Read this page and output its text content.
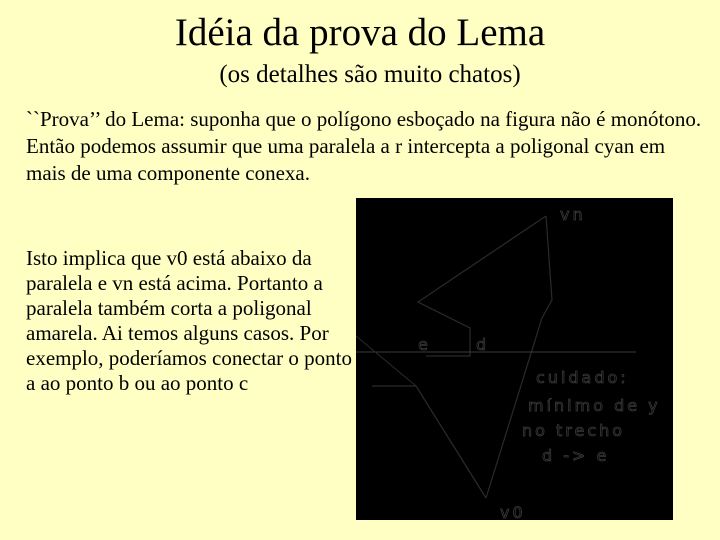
Idéia da prova do Lema
(os detalhes são muito chatos)
``Prova’’ do Lema: suponha que o polígono esboçado na figura não é monótono. Então podemos assumir que uma paralela a r intercepta a poligonal cyan em mais de uma componente conexa.
Isto implica que v0 está abaixo da paralela e vn está acima. Portanto a paralela também corta a poligonal amarela. Ai temos alguns casos. Por exemplo, poderíamos conectar o ponto a ao ponto b ou ao ponto c
vn
e	d
v0
cuidado:
mínimo de y
no trecho
d -> e
